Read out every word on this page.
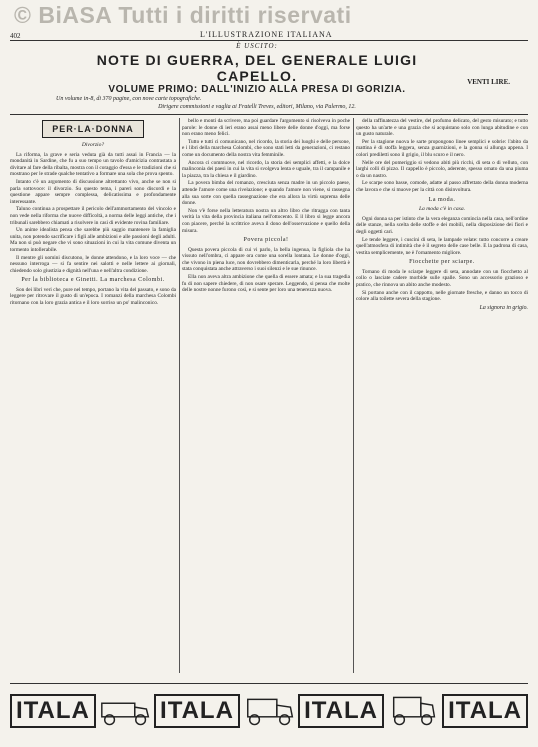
© BiASA Tutti i diritti riservati
402	L'ILLUSTRAZIONE ITALIANA
È USCITO:
NOTE DI GUERRA, DEL GENERALE LUIGI CAPELLO.
VOLUME PRIMO: DALL'INIZIO ALLA PRESA DI GORIZIA.
Un volume in-8, di 370 pagine, con nove carte topografiche.
Dirigere commissioni e vaglia ai Fratelli Treves, editori, Milano, via Palermo, 12.
VENTI LIRE.
PER·LA·DONNA
Divorzio?

La riforma, la grave e seria veduta già da tutti assai in Francia — la mondanità in Sardine, che fu a suo tempo un tavolo d'amicizia contrastata a divitare al fare della ribalta, mostra con il coraggio d'essa e le tradizioni che si mostrano per le strade qualche tentativo a formare una sola che prova spento.

Intanto c'è un argomento di discussione altrettanto vivo, anche se non si parla sottovoce: il divorzio. Su questo tema, i pareri sono discordi e la questione appare sempre complessa, delicatissima e profondamente interessante.

Taluno continua a prospettare il pericolo dell'ammortamento del vincolo e non vede nella riforma che nuove difficoltà, a norma delle leggi antiche, che i tribunali sarebbero chiamati a risolvere in casi di evidente rovina familiare.

Un anime idealista pensa che sarebbe più saggio mantenere la famiglia unita, non potendo sacrificare i figli alle ambizioni e alle passioni degli adulti. Ma non si può negare che vi sono situazioni in cui la vita comune diventa un tormento intollerabile.

Il mentre gli uomini discutono, le donne attendono, e la loro voce — che nessuno interroga — si fa sentire nei salotti e nelle lettere ai giornali, chiedendo solo giustizia e dignità nell'una e nell'altra condizione.

Per la biblioteca e Ginetti. La marchesa Colombi.

Son dei libri veri che, pure nel tempo, portano la vita del passato, e sono da leggere per ritrovare il gusto di un'epoca. I romanzi della marchesa Colombi ritornano con la loro grazia antica e il loro sorriso un po' malinconico.

bello e monti da scrivere, ma poi guardare l'argomento si risolveva in poche parole: le donne di ieri erano assai meno libere delle donne d'oggi, ma forse non erano meno felici.

Tutto e tutti ci comunicano, nel ricordo, la storia dei luoghi e delle persone, e i libri della marchesa Colombi, che sono stati letti da generazioni, ci restano come un documento della nostra vita femminile.

Ancora ci commuove, nel ricordo, la storia dei semplici affetti, e la dolce malinconia dei paesi in cui la vita si svolgeva lenta e uguale, tra il campanile e la piazza, tra la chiesa e il giardino.

La povera bimba del romanzo, cresciuta senza madre in un piccolo paese, attende l'amore come una rivelazione; e quando l'amore non viene, si rassegna alla sua sorte con quella rassegnazione che era allora la virtù suprema delle donne.

Non v'è forse nella letteratura nostra un altro libro che ritragga con tanta verità la vita della provincia italiana nell'ottocento. E il libro si legge ancora con piacere, perché la scrittrice aveva il dono dell'osservazione e quello della misura.

Povera piccola!

Questa povera piccola di cui vi parlo, la bella ingenua, la figliola che ha vissuto nell'ombra, ci appare ora come una sorella lontana. Le donne d'oggi, che vivono in piena luce, non dovrebbero dimenticarla, perché la loro libertà è stata conquistata anche attraverso i suoi silenzi e le sue rinunce.

Ella non aveva altra ambizione che quella di essere amata; e la sua tragedia fu di non sapere chiedere, di non osare sperare. Leggendo, si pensa che molte delle nostre nonne furono così, e si sente per loro una tenerezza nuova.

della raffinatezza del vestire, del profumo delicato, del gesto misurato; e tutto questo ha un'arte e una grazia che si acquistano solo con lunga abitudine e con un gusto naturale.

Per la stagione nuova le sarte propongono linee semplici e sobrie: l'abito da mattina è di stoffa leggera, senza guarnizioni, e la gonna si allunga appena. I colori prediletti sono il grigio, il blu scuro e il nero.

Nelle ore del pomeriggio si vedono abiti più ricchi, di seta o di velluto, con larghi colli di pizzo. Il cappello è piccolo, aderente, spesso ornato da una piuma o da un nastro.

Le scarpe sono basse, comode, adatte al passo affrettato della donna moderna che lavora e che si muove per la città con disinvoltura.

La moda.
La moda c'è in casa.

Ogni donna sa per istinto che la vera eleganza comincia nella casa, nell'ordine delle stanze, nella scelta delle stoffe e dei mobili, nella disposizione dei fiori e degli oggetti cari.

Le tende leggere, i cuscini di seta, le lampade velate: tutto concorre a creare quell'atmosfera di intimità che è il segreto delle case belle. E la padrona di casa, vestita semplicemente, ne è l'ornamento migliore.

Fiocchette per sciarpe.

Tornano di moda le sciarpe leggere di seta, annodate con un fiocchetto al collo o lasciate cadere morbide sulle spalle. Sono un accessorio grazioso e pratico, che rinnova un abito anche modesto.

Si portano anche con il cappotto, nelle giornate fresche, e danno un tocco di colore alla toilette severa della stagione.

La signora in grigio.
ITALA	ITALA	ITALA	ITALA
